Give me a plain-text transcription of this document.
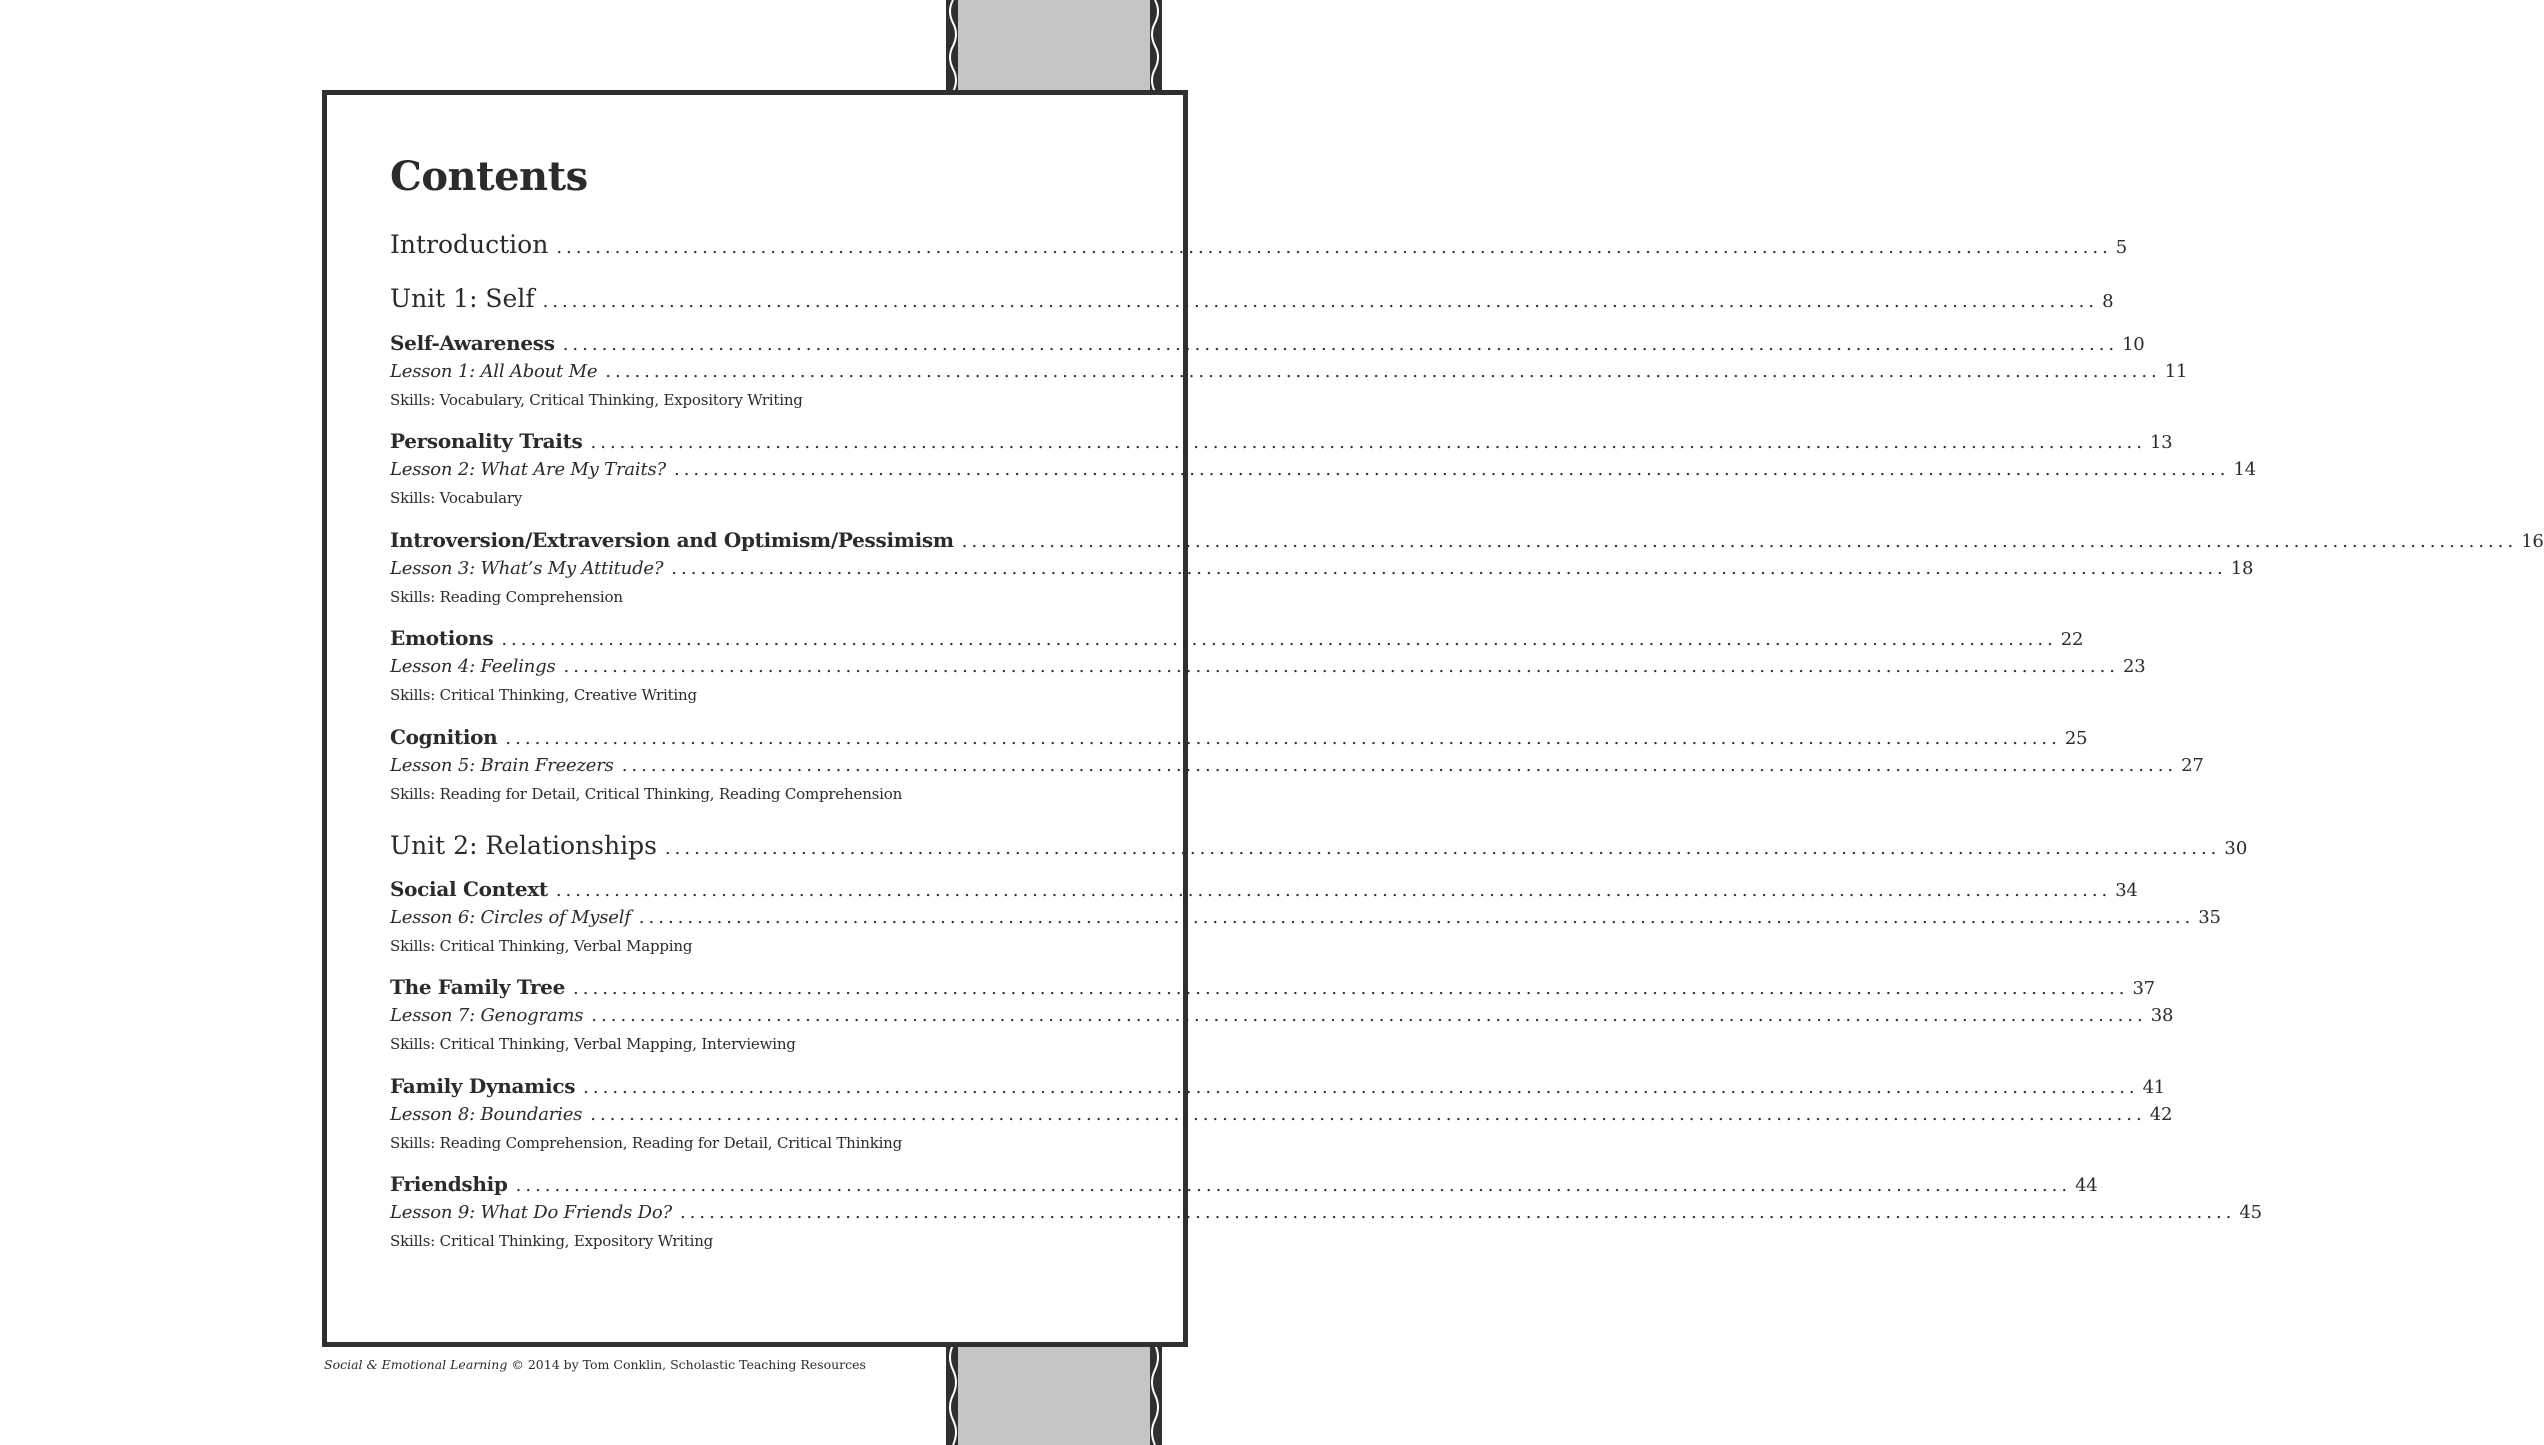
Contents
Introduction ................................................................................................................................................................ 5
Unit 1: Self ................................................................................................................................................................ 8
Unit 2: Relationships ................................................................................................................................................................ 30
Self-Awareness ................................................................................................................................................................ 10
Lesson 1: All About Me ................................................................................................................................................................ 11
Skills: Vocabulary, Critical Thinking, Expository Writing
Personality Traits ................................................................................................................................................................ 13
Lesson 2: What Are My Traits? ................................................................................................................................................................ 14
Skills: Vocabulary
Introversion/Extraversion and Optimism/Pessimism ................................................................................................................................................................ 16
Lesson 3: What’s My Attitude? ................................................................................................................................................................ 18
Skills: Reading Comprehension
Emotions ................................................................................................................................................................ 22
Lesson 4: Feelings ................................................................................................................................................................ 23
Skills: Critical Thinking, Creative Writing
Cognition ................................................................................................................................................................ 25
Lesson 5: Brain Freezers ................................................................................................................................................................ 27
Skills: Reading for Detail, Critical Thinking, Reading Comprehension
Social Context ................................................................................................................................................................ 34
Lesson 6: Circles of Myself ................................................................................................................................................................ 35
Skills: Critical Thinking, Verbal Mapping
The Family Tree ................................................................................................................................................................ 37
Lesson 7: Genograms ................................................................................................................................................................ 38
Skills: Critical Thinking, Verbal Mapping, Interviewing
Family Dynamics ................................................................................................................................................................ 41
Lesson 8: Boundaries ................................................................................................................................................................ 42
Skills: Reading Comprehension, Reading for Detail, Critical Thinking
Friendship ................................................................................................................................................................ 44
Lesson 9: What Do Friends Do? ................................................................................................................................................................ 45
Skills: Critical Thinking, Expository Writing
Social & Emotional Learning © 2014 by Tom Conklin, Scholastic Teaching Resources
